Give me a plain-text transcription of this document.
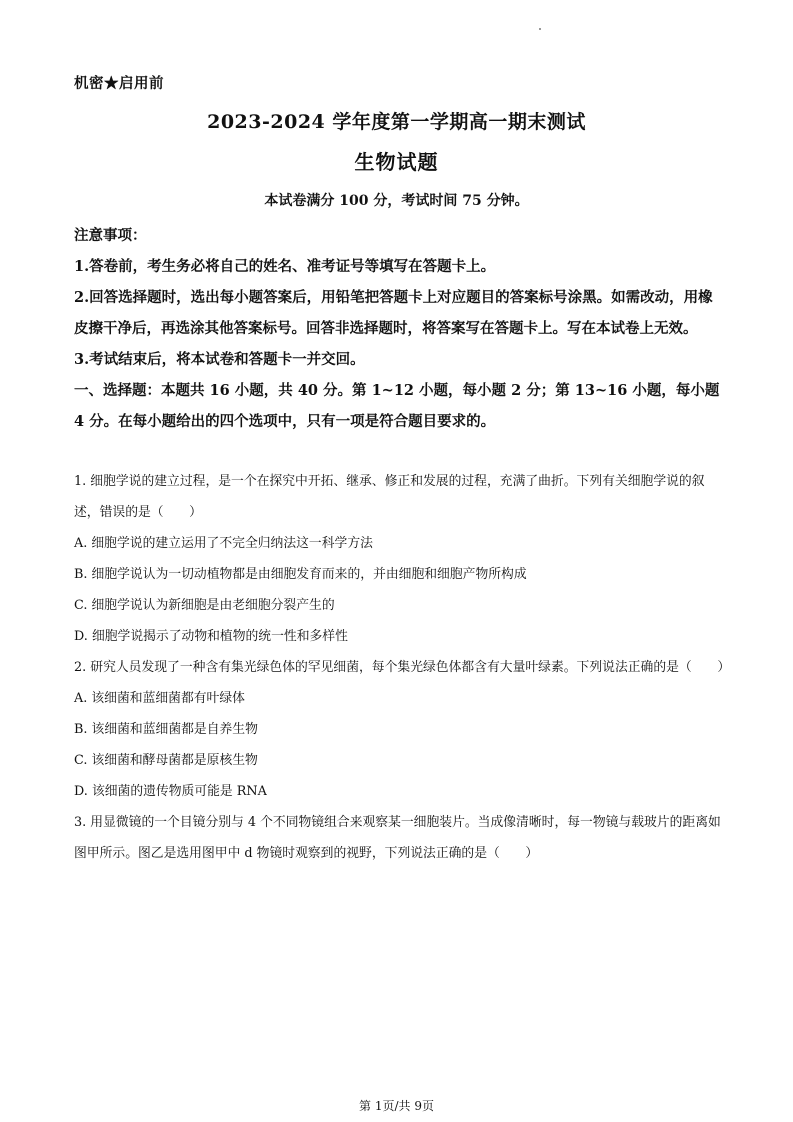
机密★启用前
2023-2024 学年度第一学期高一期末测试
生物试题
本试卷满分 100 分，考试时间 75 分钟。

注意事项：

1.答卷前，考生务必将自己的姓名、准考证号等填写在答题卡上。

2.回答选择题时，选出每小题答案后，用铅笔把答题卡上对应题目的答案标号涂黑。如需改动，用橡皮擦干净后，再选涂其他答案标号。回答非选择题时，将答案写在答题卡上。写在本试卷上无效。

3.考试结束后，将本试卷和答题卡一并交回。

一、选择题：本题共 16 小题，共 40 分。第 1~12 小题，每小题 2 分；第 13~16 小题，每小题 4 分。在每小题给出的四个选项中，只有一项是符合题目要求的。

1. 细胞学说的建立过程，是一个在探究中开拓、继承、修正和发展的过程，充满了曲折。下列有关细胞学说的叙述，错误的是（　　）

A. 细胞学说的建立运用了不完全归纳法这一科学方法

B. 细胞学说认为一切动植物都是由细胞发育而来的，并由细胞和细胞产物所构成

C. 细胞学说认为新细胞是由老细胞分裂产生的

D. 细胞学说揭示了动物和植物的统一性和多样性

2. 研究人员发现了一种含有集光绿色体的罕见细菌，每个集光绿色体都含有大量叶绿素。下列说法正确的是（　　）

A. 该细菌和蓝细菌都有叶绿体

B. 该细菌和蓝细菌都是自养生物

C. 该细菌和酵母菌都是原核生物

D. 该细菌的遗传物质可能是 RNA

3. 用显微镜的一个目镜分别与 4 个不同物镜组合来观察某一细胞装片。当成像清晰时，每一物镜与载玻片的距离如图甲所示。图乙是选用图甲中 d 物镜时观察到的视野，下列说法正确的是（　　）

第 1页/共 9页
